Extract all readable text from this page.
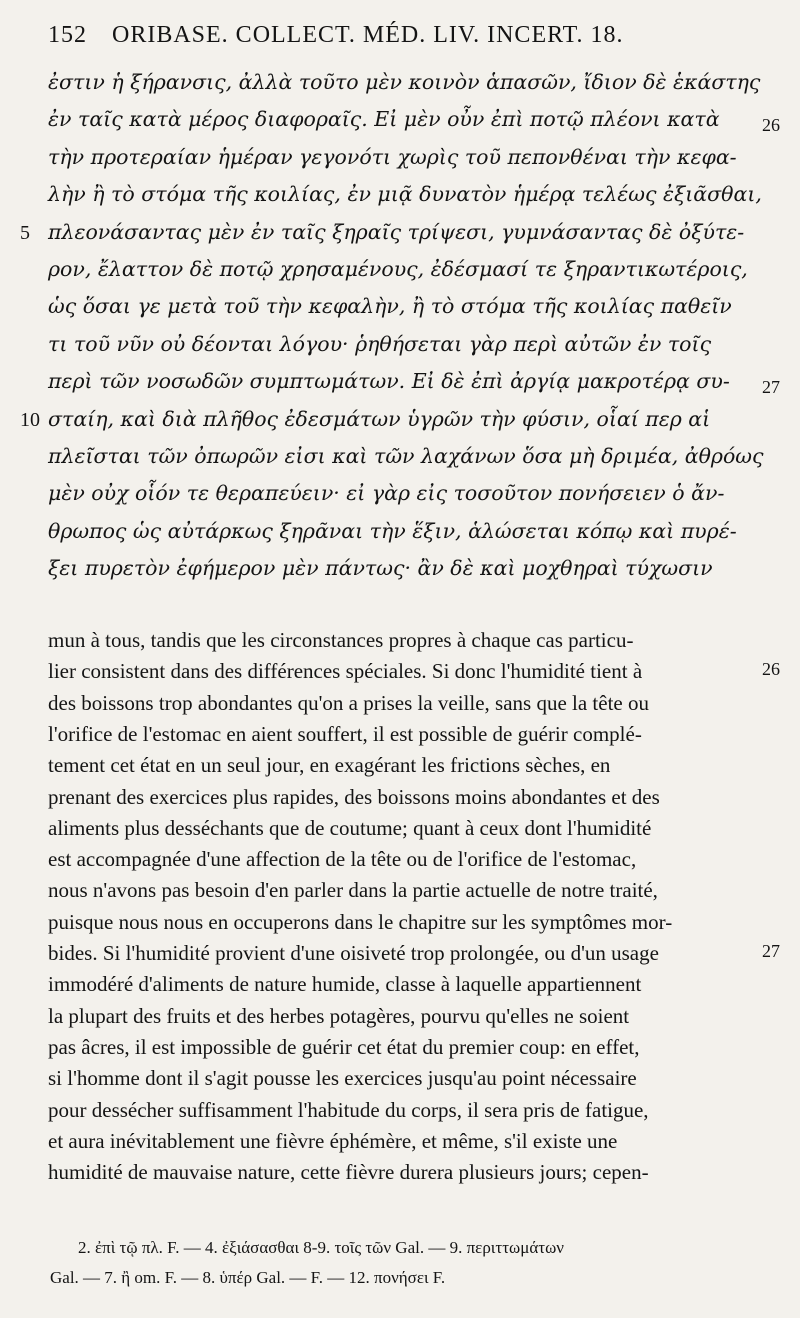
152 ORIBASE. COLLECT. MÉD. LIV. INCERT. 18.
ἐστιν ἡ ξήρανσις, ἀλλὰ τοῦτο μὲν κοινὸν ἁπασῶν, ἴδιον δὲ ἑκάστης
ἐν ταῖς κατὰ μέρος διαφοραῖς. Εἰ μὲν οὖν ἐπὶ ποτῷ πλέονι κατὰ
τὴν προτεραίαν ἡμέραν γεγονότι χωρὶς τοῦ πεπονθέναι τὴν κεφα-
λὴν ἢ τὸ στόμα τῆς κοιλίας, ἐν μιᾷ δυνατὸν ἡμέρᾳ τελέως ἐξιᾶσθαι,
πλεονάσαντας μὲν ἐν ταῖς ξηραῖς τρίψεσι, γυμνάσαντας δὲ ὀξύτε-
ρον, ἔλαττον δὲ ποτῷ χρησαμένους, ἐδέσμασί τε ξηραντικωτέροις,
ὡς ὅσαι γε μετὰ τοῦ τὴν κεφαλὴν, ἢ τὸ στόμα τῆς κοιλίας παθεῖν
τι τοῦ νῦν οὐ δέονται λόγου· ῥηθήσεται γὰρ περὶ αὐτῶν ἐν τοῖς
περὶ τῶν νοσωδῶν συμπτωμάτων. Εἰ δὲ ἐπὶ ἀργίᾳ μακροτέρᾳ συ-
σταίη, καὶ διὰ πλῆθος ἐδεσμάτων ὑγρῶν τὴν φύσιν, οἷαί περ αἱ
πλεῖσται τῶν ὀπωρῶν εἰσι καὶ τῶν λαχάνων ὅσα μὴ δριμέα, ἀθρόως
μὲν οὐχ οἷόν τε θεραπεύειν· εἰ γὰρ εἰς τοσοῦτον πονήσειεν ὁ ἄν-
θρωπος ὡς αὐτάρκως ξηρᾶναι τὴν ἕξιν, ἁλώσεται κόπῳ καὶ πυρέ-
ξει πυρετὸν ἐφήμερον μὲν πάντως· ἂν δὲ καὶ μοχθηραὶ τύχωσιν
5
10
26
27
mun à tous, tandis que les circonstances propres à chaque cas particu-
lier consistent dans des différences spéciales. Si donc l'humidité tient à
des boissons trop abondantes qu'on a prises la veille, sans que la tête ou
l'orifice de l'estomac en aient souffert, il est possible de guérir complé-
tement cet état en un seul jour, en exagérant les frictions sèches, en
prenant des exercices plus rapides, des boissons moins abondantes et des
aliments plus desséchants que de coutume; quant à ceux dont l'humidité
est accompagnée d'une affection de la tête ou de l'orifice de l'estomac,
nous n'avons pas besoin d'en parler dans la partie actuelle de notre traité,
puisque nous nous en occuperons dans le chapitre sur les symptômes mor-
bides. Si l'humidité provient d'une oisiveté trop prolongée, ou d'un usage
immodéré d'aliments de nature humide, classe à laquelle appartiennent
la plupart des fruits et des herbes potagères, pourvu qu'elles ne soient
pas âcres, il est impossible de guérir cet état du premier coup: en effet,
si l'homme dont il s'agit pousse les exercices jusqu'au point nécessaire
pour dessécher suffisamment l'habitude du corps, il sera pris de fatigue,
et aura inévitablement une fièvre éphémère, et même, s'il existe une
humidité de mauvaise nature, cette fièvre durera plusieurs jours; cepen-
26
27
2. ἐπὶ τῷ πλ. F. — 4. ἐξιάσασθαι 8-9. τοῖς τῶν Gal. — 9. περιττωμάτων
Gal. — 7. ἢ om. F. — 8. ὑπέρ Gal. — F. — 12. πονήσει F.
